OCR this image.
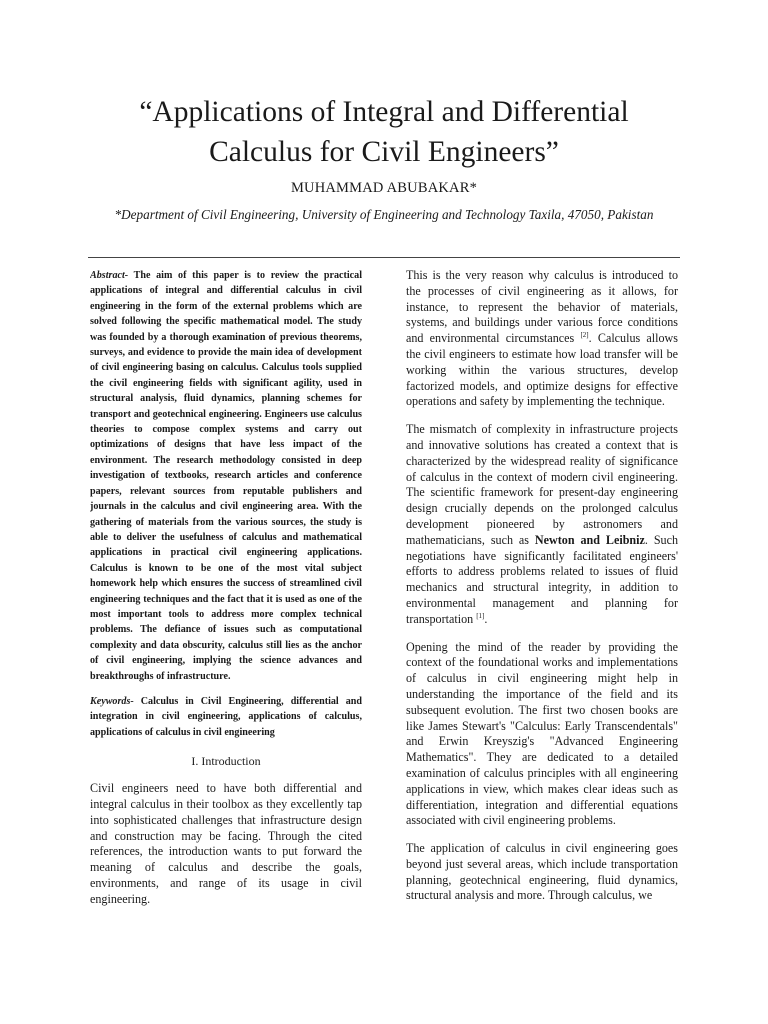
“Applications of Integral and Differential
Calculus for Civil Engineers”
MUHAMMAD ABUBAKAR*
*Department of Civil Engineering, University of Engineering and Technology Taxila, 47050, Pakistan

Abstract- The aim of this paper is to review the practical applications of integral and differential calculus in civil engineering in the form of the external problems which are solved following the specific mathematical model. The study was founded by a thorough examination of previous theorems, surveys, and evidence to provide the main idea of development of civil engineering basing on calculus. Calculus tools supplied the civil engineering fields with significant agility, used in structural analysis, fluid dynamics, planning schemes for transport and geotechnical engineering. Engineers use calculus theories to compose complex systems and carry out optimizations of designs that have less impact of the environment. The research methodology consisted in deep investigation of textbooks, research articles and conference papers, relevant sources from reputable publishers and journals in the calculus and civil engineering area. With the gathering of materials from the various sources, the study is able to deliver the usefulness of calculus and mathematical applications in practical civil engineering applications. Calculus is known to be one of the most vital subject homework help which ensures the success of streamlined civil engineering techniques and the fact that it is used as one of the most important tools to address more complex technical problems. The defiance of issues such as computational complexity and data obscurity, calculus still lies as the anchor of civil engineering, implying the science advances and breakthroughs of infrastructure.

Keywords- Calculus in Civil Engineering, differential and integration in civil engineering, applications of calculus, applications of calculus in civil engineering

I. Introduction

Civil engineers need to have both differential and integral calculus in their toolbox as they excellently tap into sophisticated challenges that infrastructure design and construction may be facing. Through the cited references, the introduction wants to put forward the meaning of calculus and describe the goals, environments, and range of its usage in civil engineering.

This is the very reason why calculus is introduced to the processes of civil engineering as it allows, for instance, to represent the behavior of materials, systems, and buildings under various force conditions and environmental circumstances [2]. Calculus allows the civil engineers to estimate how load transfer will be working within the various structures, develop factorized models, and optimize designs for effective operations and safety by implementing the technique.

The mismatch of complexity in infrastructure projects and innovative solutions has created a context that is characterized by the widespread reality of significance of calculus in the context of modern civil engineering. The scientific framework for present-day engineering design crucially depends on the prolonged calculus development pioneered by astronomers and mathematicians, such as Newton and Leibniz. Such negotiations have significantly facilitated engineers' efforts to address problems related to issues of fluid mechanics and structural integrity, in addition to environmental management and planning for transportation [1].

Opening the mind of the reader by providing the context of the foundational works and implementations of calculus in civil engineering might help in understanding the importance of the field and its subsequent evolution. The first two chosen books are like James Stewart's "Calculus: Early Transcendentals" and Erwin Kreyszig's "Advanced Engineering Mathematics". They are dedicated to a detailed examination of calculus principles with all engineering applications in view, which makes clear ideas such as differentiation, integration and differential equations associated with civil engineering problems.

The application of calculus in civil engineering goes beyond just several areas, which include transportation planning, geotechnical engineering, fluid dynamics, structural analysis and more. Through calculus, we
